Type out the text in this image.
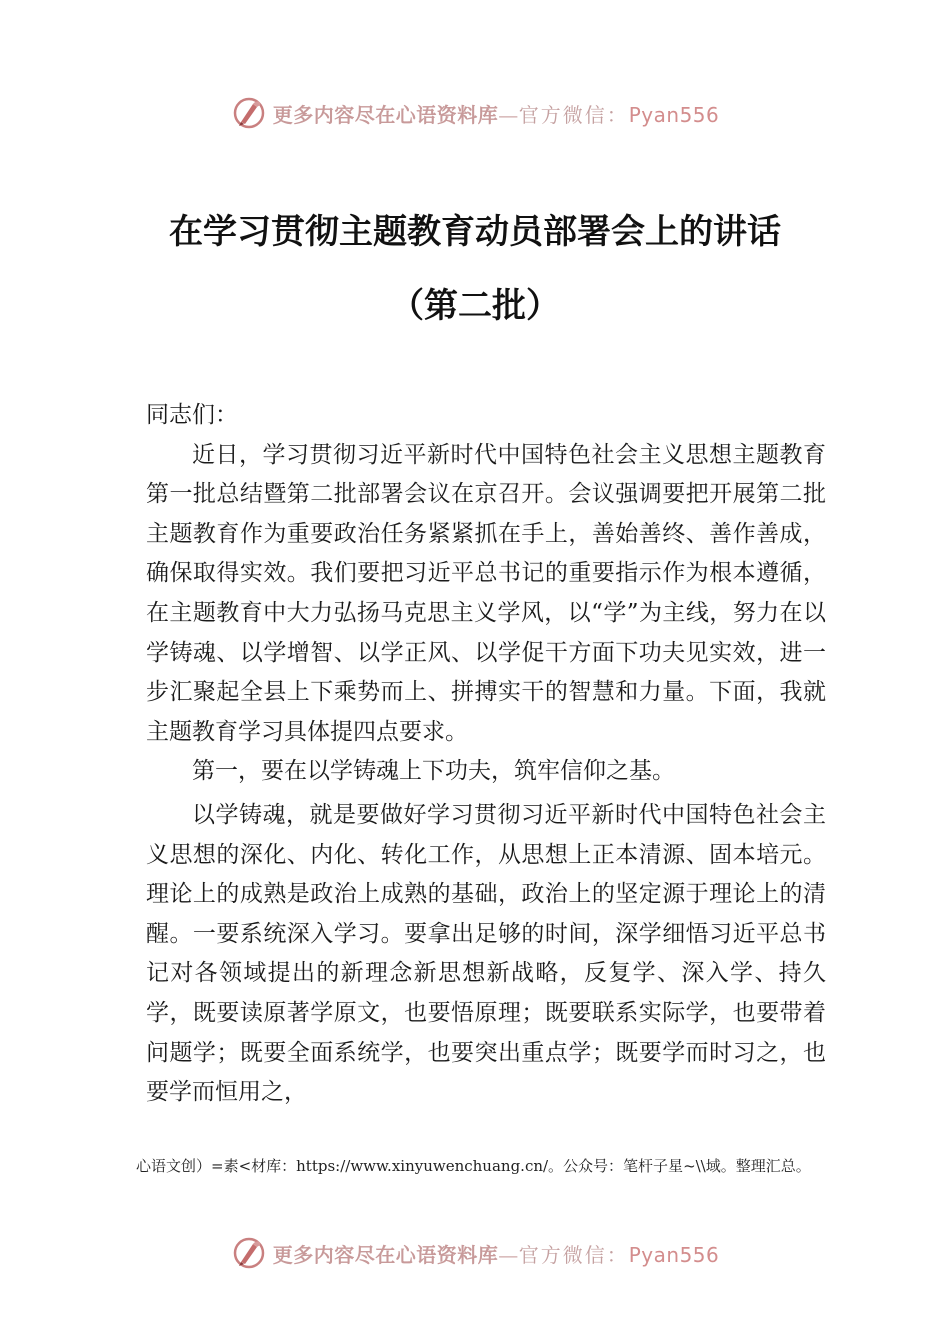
更多内容尽在心语资料库—官方微信：Pyan556
在学习贯彻主题教育动员部署会上的讲话
（第二批）

同志们：

近日，学习贯彻习近平新时代中国特色社会主义思想主题教育第一批总结暨第二批部署会议在京召开。会议强调要把开展第二批主题教育作为重要政治任务紧紧抓在手上，善始善终、善作善成，确保取得实效。我们要把习近平总书记的重要指示作为根本遵循，在主题教育中大力弘扬马克思主义学风，以“学”为主线，努力在以学铸魂、以学增智、以学正风、以学促干方面下功夫见实效，进一步汇聚起全县上下乘势而上、拼搏实干的智慧和力量。下面，我就主题教育学习具体提四点要求。

第一，要在以学铸魂上下功夫，筑牢信仰之基。

以学铸魂，就是要做好学习贯彻习近平新时代中国特色社会主义思想的深化、内化、转化工作，从思想上正本清源、固本培元。理论上的成熟是政治上成熟的基础，政治上的坚定源于理论上的清醒。一要系统深入学习。要拿出足够的时间，深学细悟习近平总书记对各领域提出的新理念新思想新战略，反复学、深入学、持久学，既要读原著学原文，也要悟原理；既要联系实际学，也要带着问题学；既要全面系统学，也要突出重点学；既要学而时习之，也要学而恒用之，

心语文创）=素<材库：https://www.xinyuwenchuang.cn/。公众号：笔杆子星~\\域。整理汇总。
更多内容尽在心语资料库—官方微信：Pyan556
